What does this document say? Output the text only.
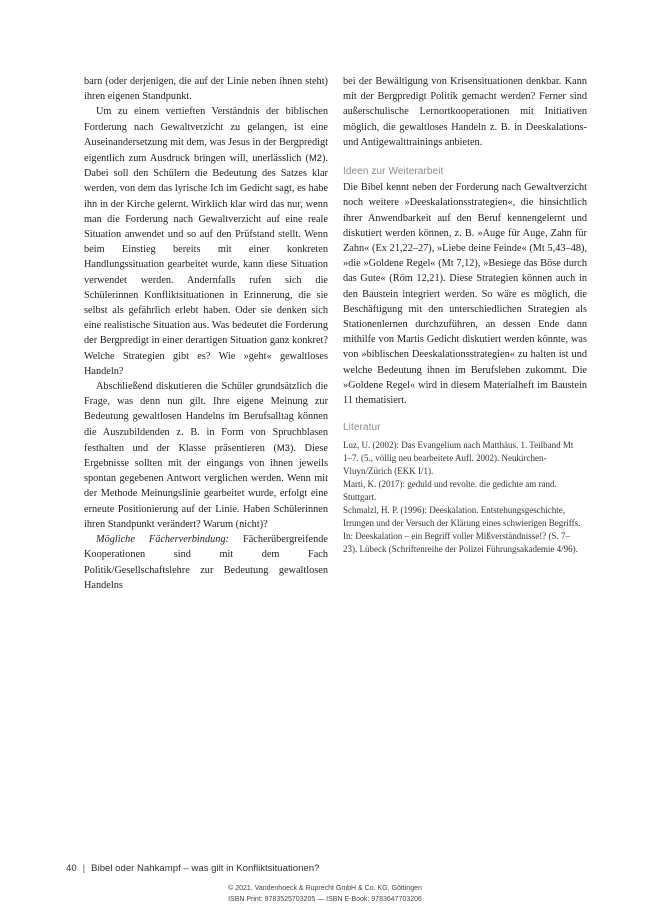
barn (oder derjenigen, die auf der Linie neben ihnen steht) ihren eigenen Standpunkt.

Um zu einem vertieften Verständnis der biblischen Forderung nach Gewaltverzicht zu gelangen, ist eine Auseinandersetzung mit dem, was Jesus in der Bergpredigt eigentlich zum Ausdruck bringen will, unerlässlich (M2). Dabei soll den Schülern die Bedeutung des Satzes klar werden, von dem das lyrische Ich im Gedicht sagt, es habe ihn in der Kirche gelernt. Wirklich klar wird das nur, wenn man die Forderung nach Gewaltverzicht auf eine reale Situation anwendet und so auf den Prüfstand stellt. Wenn beim Einstieg bereits mit einer konkreten Handlungssituation gearbeitet wurde, kann diese Situation verwendet werden. Andernfalls rufen sich die Schülerinnen Konfliktsituationen in Erinnerung, die sie selbst als gefährlich erlebt haben. Oder sie denken sich eine realistische Situation aus. Was bedeutet die Forderung der Bergpredigt in einer derartigen Situation ganz konkret? Welche Strategien gibt es? Wie »geht« gewaltloses Handeln?

Abschließend diskutieren die Schüler grundsätzlich die Frage, was denn nun gilt. Ihre eigene Meinung zur Bedeutung gewaltlosen Handelns im Berufsalltag können die Auszubildenden z. B. in Form von Spruchblasen festhalten und der Klasse präsentieren (M3). Diese Ergebnisse sollten mit der eingangs von ihnen jeweils spontan gegebenen Antwort verglichen werden. Wenn mit der Methode Meinungslinie gearbeitet wurde, erfolgt eine erneute Positionierung auf der Linie. Haben Schülerinnen ihren Standpunkt verändert? Warum (nicht)?

Mögliche Fächerverbindung: Fächerübergreifende Kooperationen sind mit dem Fach Politik/Gesellschaftslehre zur Bedeutung gewaltlosen Handelns

bei der Bewältigung von Krisensituationen denkbar. Kann mit der Bergpredigt Politik gemacht werden? Ferner sind außerschulische Lernortkooperationen mit Initiativen möglich, die gewaltloses Handeln z. B. in Deeskalations- und Antigewalttrainings anbieten.

Ideen zur Weiterarbeit

Die Bibel kennt neben der Forderung nach Gewaltverzicht noch weitere »Deeskalationsstrategien«, die hinsichtlich ihrer Anwendbarkeit auf den Beruf kennengelernt und diskutiert werden können, z. B. »Auge für Auge, Zahn für Zahn« (Ex 21,22–27), »Liebe deine Feinde« (Mt 5,43–48), »die »Goldene Regel« (Mt 7,12), »Besiege das Böse durch das Gute« (Röm 12,21). Diese Strategien können auch in den Baustein integriert werden. So wäre es möglich, die Beschäftigung mit den unterschiedlichen Strategien als Stationenlernen durchzuführen, an dessen Ende dann mithilfe von Martis Gedicht diskutiert werden könnte, was von »biblischen Deeskalationsstrategien« zu halten ist und welche Bedeutung ihnen im Berufsleben zukommt. Die »Goldene Regel« wird in diesem Materialheft im Baustein 11 thematisiert.

Literatur

Luz, U. (2002): Das Evangelium nach Matthäus. 1. Teilband Mt 1–7. (5., völlig neu bearbeitete Aufl. 2002). Neukirchen-Vluyn/Zürich (EKK I/1).

Marti, K. (2017): geduld und revolte. die gedichte am rand. Stuttgart.

Schmalzl, H. P. (1996): Deeskalation. Entstehungsgeschichte, Irrungen und der Versuch der Klärung eines schwierigen Begriffs. In: Deeskalation – ein Begriff voller Mißverständnisse!? (S. 7–23). Lübeck (Schriftenreihe der Polizei Führungsakademie 4/96).

40 | Bibel oder Nahkampf – was gilt in Konfliktsituationen?
© 2021, Vandenhoeck & Ruprecht GmbH & Co. KG, Göttingen
ISBN Print: 9783525703205 — ISBN E-Book: 9783647703206
